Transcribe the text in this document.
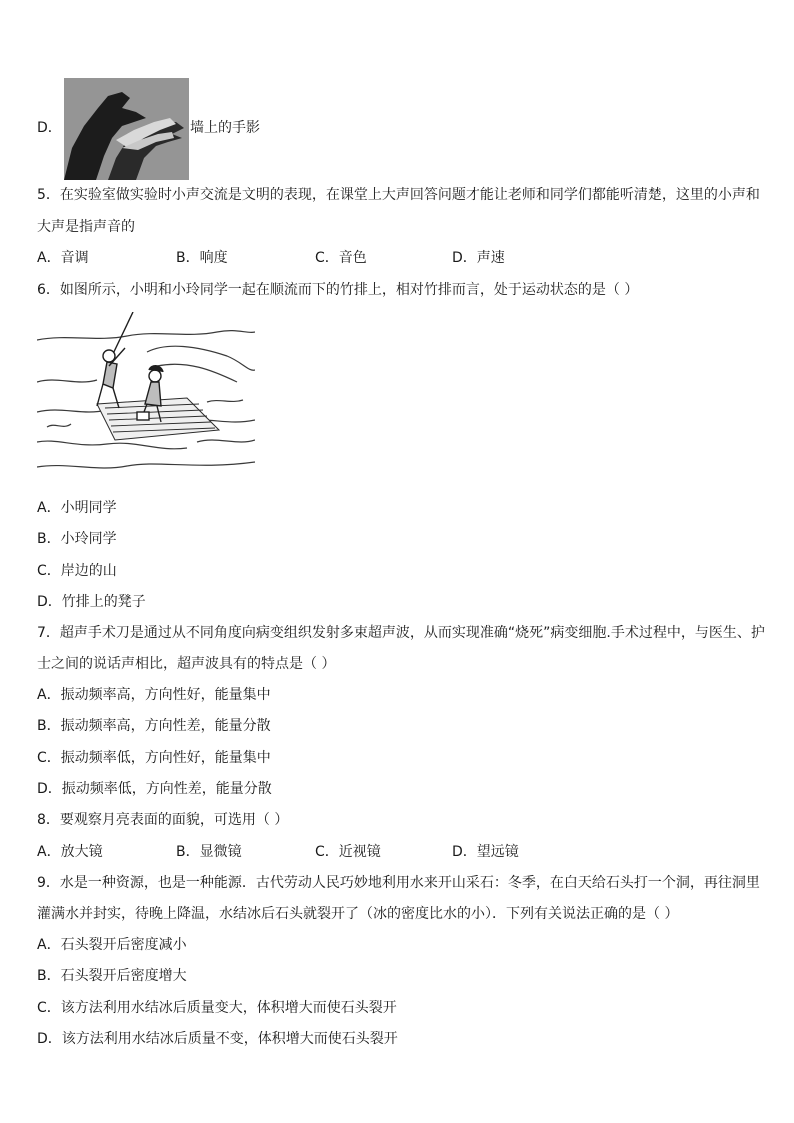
D．	墙上的手影
5．在实验室做实验时小声交流是文明的表现，在课堂上大声回答问题才能让老师和同学们都能听清楚，这里的小声和
大声是指声音的
A．音调	B．响度	C．音色	D．声速
6．如图所示，小明和小玲同学一起在顺流而下的竹排上，相对竹排而言，处于运动状态的是（ ）
A．小明同学
B．小玲同学
C．岸边的山
D．竹排上的凳子
7．超声手术刀是通过从不同角度向病变组织发射多束超声波，从而实现准确“烧死”病变细胞.手术过程中，与医生、护
士之间的说话声相比，超声波具有的特点是（ ）
A．振动频率高，方向性好，能量集中
B．振动频率高，方向性差，能量分散
C．振动频率低，方向性好，能量集中
D．振动频率低，方向性差，能量分散
8．要观察月亮表面的面貌，可选用（ ）
A．放大镜	B．显微镜	C．近视镜	D．望远镜
9．水是一种资源，也是一种能源．古代劳动人民巧妙地利用水来开山采石：冬季，在白天给石头打一个洞，再往洞里
灌满水并封实，待晚上降温，水结冰后石头就裂开了（冰的密度比水的小）．下列有关说法正确的是（ ）
A．石头裂开后密度减小
B．石头裂开后密度增大
C．该方法利用水结冰后质量变大，体积增大而使石头裂开
D．该方法利用水结冰后质量不变，体积增大而使石头裂开
